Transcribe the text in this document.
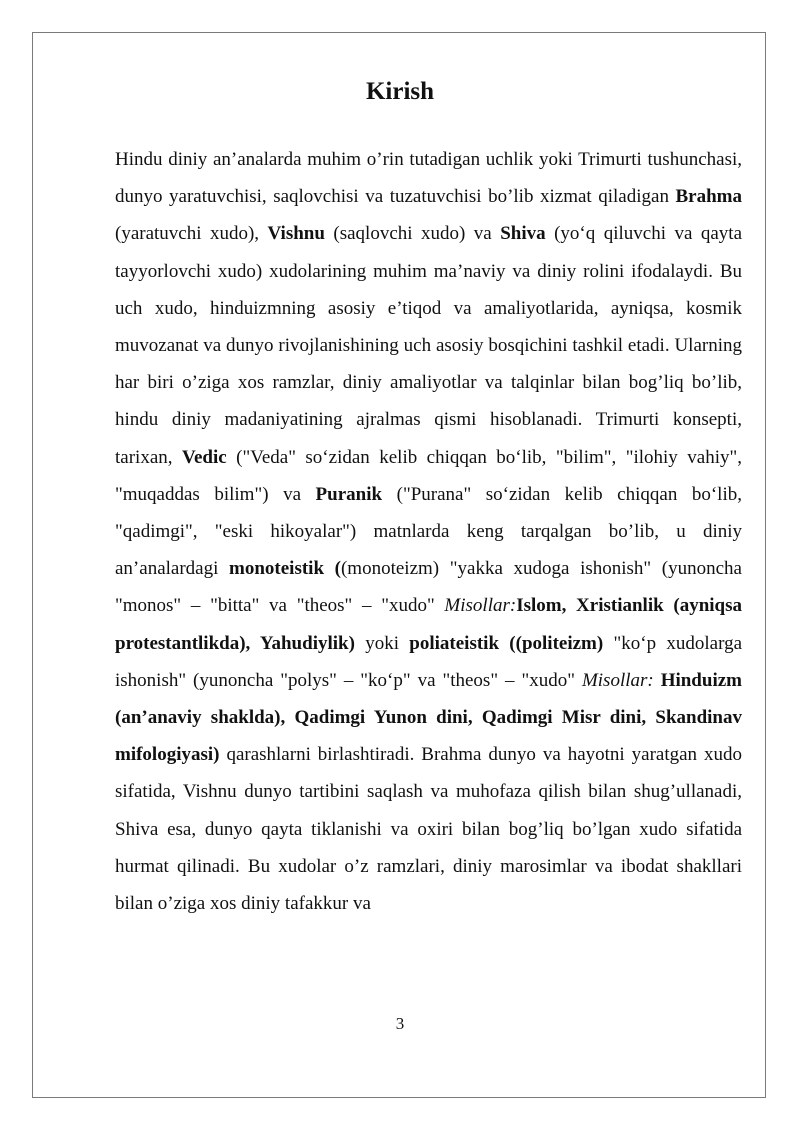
Kirish

Hindu diniy an’analarda muhim o’rin tutadigan uchlik yoki Trimurti tushunchasi, dunyo yaratuvchisi, saqlovchisi va tuzatuvchisi bo’lib xizmat qiladigan Brahma (yaratuvchi xudo), Vishnu (saqlovchi xudo) va Shiva (yo‘q qiluvchi va qayta tayyorlovchi xudo) xudolarining muhim ma’naviy va diniy rolini ifodalaydi. Bu uch xudo, hinduizmning asosiy e’tiqod va amaliyotlarida, ayniqsa, kosmik muvozanat va dunyo rivojlanishining uch asosiy bosqichini tashkil etadi. Ularning har biri o’ziga xos ramzlar, diniy amaliyotlar va talqinlar bilan bog’liq bo’lib, hindu diniy madaniyatining ajralmas qismi hisoblanadi. Trimurti konsepti, tarixan, Vedic ("Veda" so‘zidan kelib chiqqan bo‘lib, "bilim", "ilohiy vahiy", "muqaddas bilim") va Puranik ("Purana" so‘zidan kelib chiqqan bo‘lib, "qadimgi", "eski hikoyalar") matnlarda keng tarqalgan bo’lib, u diniy an’analardagi monoteistik ((monoteizm) "yakka xudoga ishonish" (yunoncha "monos" – "bitta" va "theos" – "xudo" Misollar:Islom, Xristianlik (ayniqsa protestantlikda), Yahudiylik) yoki poliateistik ((politeizm) "ko‘p xudolarga ishonish" (yunoncha "polys" – "ko‘p" va "theos" – "xudo" Misollar: Hinduizm (an’anaviy shaklda), Qadimgi Yunon dini, Qadimgi Misr dini, Skandinav mifologiyasi) qarashlarni birlashtiradi. Brahma dunyo va hayotni yaratgan xudo sifatida, Vishnu dunyo tartibini saqlash va muhofaza qilish bilan shug’ullanadi, Shiva esa, dunyo qayta tiklanishi va oxiri bilan bog’liq bo’lgan xudo sifatida hurmat qilinadi. Bu xudolar o’z ramzlari, diniy marosimlar va ibodat shakllari bilan o’ziga xos diniy tafakkur va

3
